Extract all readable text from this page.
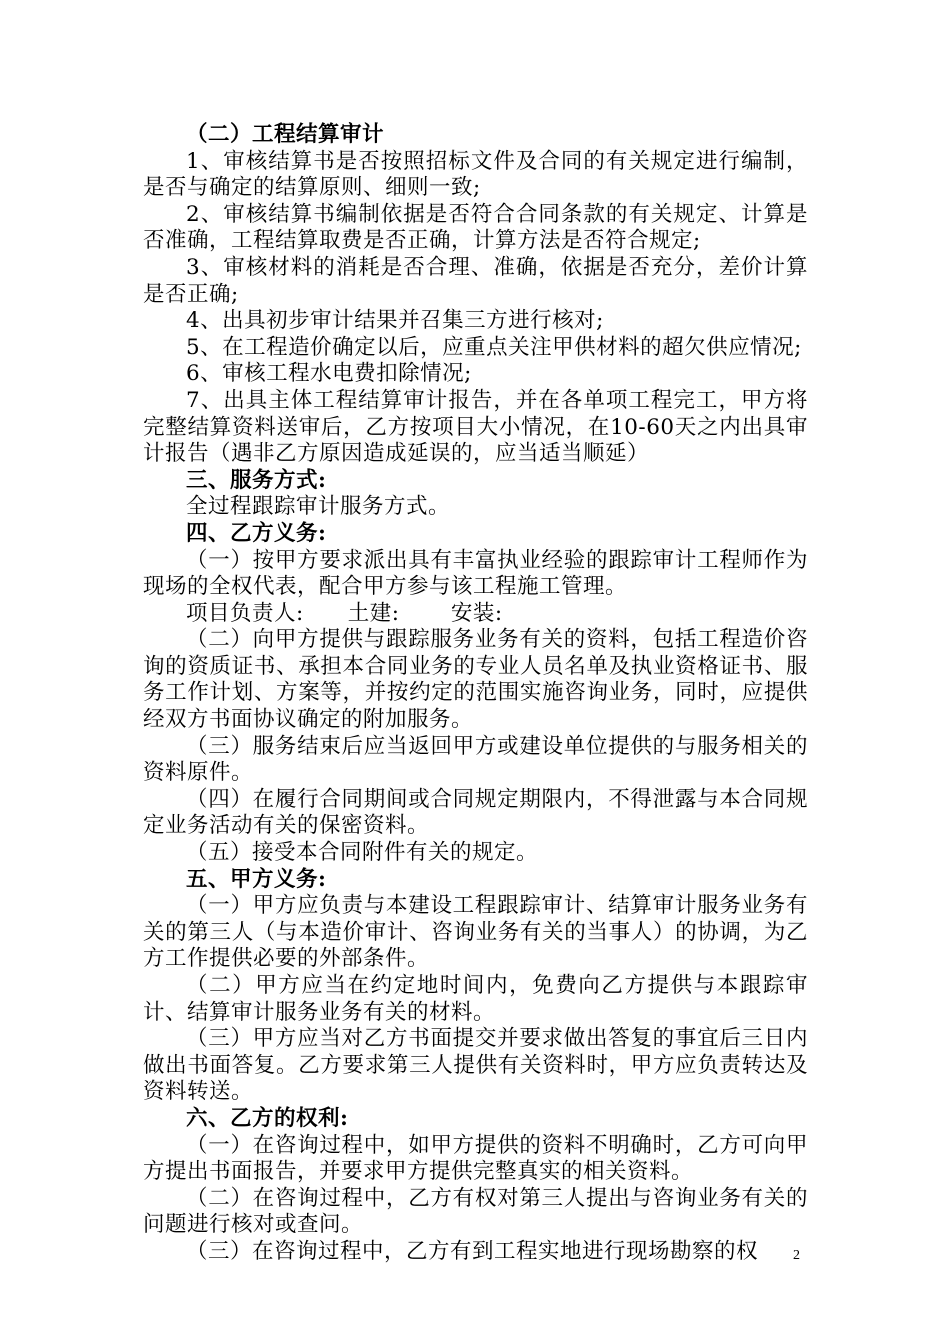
（二）工程结算审计

1、审核结算书是否按照招标文件及合同的有关规定进行编制，是否与确定的结算原则、细则一致;

2、审核结算书编制依据是否符合合同条款的有关规定、计算是否准确，工程结算取费是否正确，计算方法是否符合规定;

3、审核材料的消耗是否合理、准确，依据是否充分，差价计算是否正确;

4、出具初步审计结果并召集三方进行核对;

5、在工程造价确定以后，应重点关注甲供材料的超欠供应情况;

6、审核工程水电费扣除情况;

7、出具主体工程结算审计报告，并在各单项工程完工，甲方将完整结算资料送审后，乙方按项目大小情况，在10-60天之内出具审计报告（遇非乙方原因造成延误的，应当适当顺延）

三、服务方式:

全过程跟踪审计服务方式。

四、乙方义务:

（一）按甲方要求派出具有丰富执业经验的跟踪审计工程师作为现场的全权代表，配合甲方参与该工程施工管理。

项目负责人:      土建:       安装:

（二）向甲方提供与跟踪服务业务有关的资料，包括工程造价咨询的资质证书、承担本合同业务的专业人员名单及执业资格证书、服务工作计划、方案等，并按约定的范围实施咨询业务，同时，应提供经双方书面协议确定的附加服务。

（三）服务结束后应当返回甲方或建设单位提供的与服务相关的资料原件。

（四）在履行合同期间或合同规定期限内，不得泄露与本合同规定业务活动有关的保密资料。

（五）接受本合同附件有关的规定。

五、甲方义务:

（一）甲方应负责与本建设工程跟踪审计、结算审计服务业务有关的第三人（与本造价审计、咨询业务有关的当事人）的协调，为乙方工作提供必要的外部条件。

（二）甲方应当在约定地时间内，免费向乙方提供与本跟踪审计、结算审计服务业务有关的材料。

（三）甲方应当对乙方书面提交并要求做出答复的事宜后三日内做出书面答复。乙方要求第三人提供有关资料时，甲方应负责转达及资料转送。

六、乙方的权利:

（一）在咨询过程中，如甲方提供的资料不明确时，乙方可向甲方提出书面报告，并要求甲方提供完整真实的相关资料。

（二）在咨询过程中，乙方有权对第三人提出与咨询业务有关的问题进行核对或查问。

（三）在咨询过程中，乙方有到工程实地进行现场勘察的权	2
